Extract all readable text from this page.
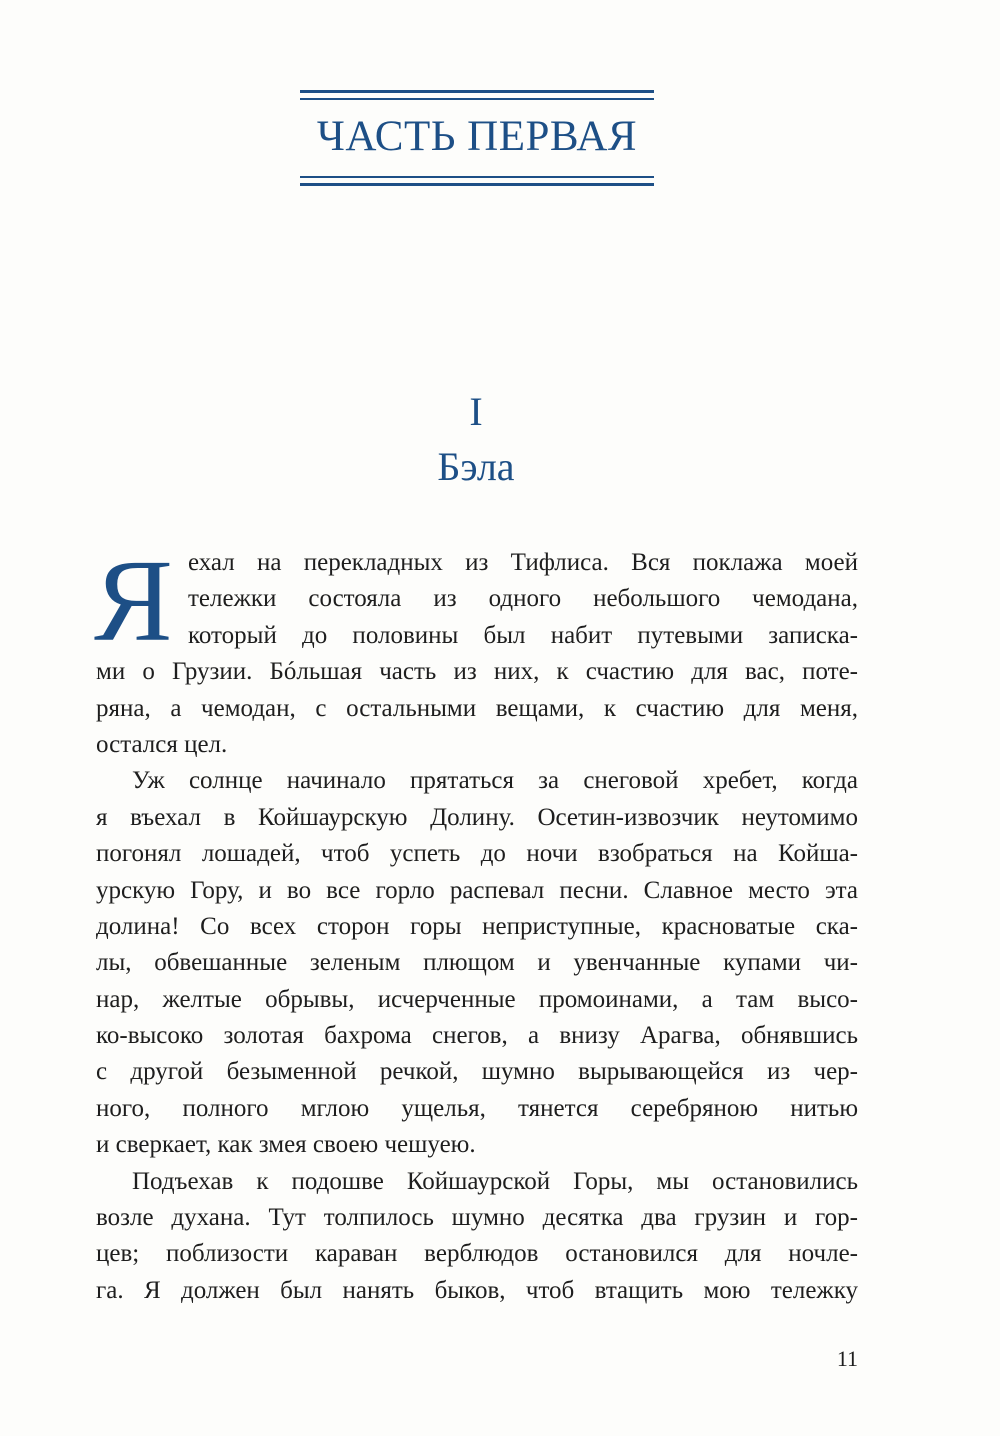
ЧАСТЬ ПЕРВАЯ
I
Бэла
Я ехал на перекладных из Тифлиса. Вся поклажа моей
тележки состояла из одного небольшого чемодана,
который до половины был набит путевыми записка-
ми о Грузии. Бóльшая часть из них, к счастию для вас, поте-
ряна, а чемодан, с остальными вещами, к счастию для меня,
остался цел.
Уж солнце начинало прятаться за снеговой хребет, когда
я въехал в Койшаурскую Долину. Осетин-извозчик неутомимо
погонял лошадей, чтоб успеть до ночи взобраться на Койша-
урскую Гору, и во все горло распевал песни. Славное место эта
долина! Со всех сторон горы неприступные, красноватые ска-
лы, обвешанные зеленым плющом и увенчанные купами чи-
нар, желтые обрывы, исчерченные промоинами, а там высо-
ко-высоко золотая бахрома снегов, а внизу Арагва, обнявшись
с другой безыменной речкой, шумно вырывающейся из чер-
ного, полного мглою ущелья, тянется серебряною нитью
и сверкает, как змея своею чешуею.
Подъехав к подошве Койшаурской Горы, мы остановились
возле духана. Тут толпилось шумно десятка два грузин и гор-
цев; поблизости караван верблюдов остановился для ночле-
га. Я должен был нанять быков, чтоб втащить мою тележку
11
